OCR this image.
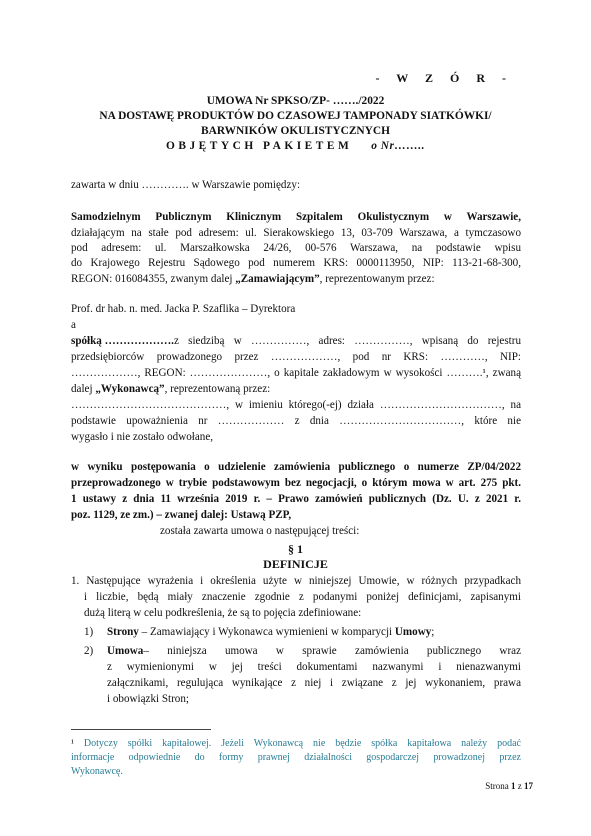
- W Z Ó R -
UMOWA Nr SPKSO/ZP- ……./2022
NA DOSTAWĘ PRODUKTÓW DO CZASOWEJ TAMPONADY SIATKÓWKI/
BARWNIKÓW OKULISTYCZNYCH
OBJĘTYCH PAKIETEM o Nr……..
zawarta w dniu …………. w Warszawie pomiędzy:
Samodzielnym Publicznym Klinicznym Szpitalem Okulistycznym w Warszawie,
działającym na stałe pod adresem: ul. Sierakowskiego 13, 03-709 Warszawa, a tymczasowo
pod adresem: ul. Marszałkowska 24/26, 00-576 Warszawa, na podstawie wpisu
do Krajowego Rejestru Sądowego pod numerem KRS: 0000113950, NIP: 113-21-68-300,
REGON: 016084355, zwanym dalej „Zamawiającym”, reprezentowanym przez:
Prof. dr hab. n. med. Jacka P. Szaflika – Dyrektora
a
spółką ………………. z siedzibą w ……………, adres: ……………, wpisaną do rejestru
przedsiębiorców prowadzonego przez ………………, pod nr KRS: …………, NIP:
………………, REGON: …………………, o kapitale zakładowym w wysokości ……….¹, zwaną
dalej „Wykonawcą”, reprezentowaną przez:
……………………………………, w imieniu którego(-ej) działa ……………………………, na
podstawie upoważnienia nr ……………… z dnia ……………………………, które nie
wygasło i nie zostało odwołane,
w wyniku postępowania o udzielenie zamówienia publicznego o numerze ZP/04/2022
przeprowadzonego w trybie podstawowym bez negocjacji, o którym mowa w art. 275 pkt.
1 ustawy z dnia 11 września 2019 r. – Prawo zamówień publicznych (Dz. U. z 2021 r.
poz. 1129, ze zm.) – zwanej dalej: Ustawą PZP,
została zawarta umowa o następującej treści:
§ 1
DEFINICJE
1. Następujące wyrażenia i określenia użyte w niniejszej Umowie, w różnych przypadkach
i liczbie, będą miały znaczenie zgodnie z podanymi poniżej definicjami, zapisanymi
dużą literą w celu podkreślenia, że są to pojęcia zdefiniowane:
1) Strony – Zamawiający i Wykonawca wymienieni w komparycji Umowy;
2) Umowa – niniejsza umowa w sprawie zamówienia publicznego wraz
z wymienionymi w jej treści dokumentami nazwanymi i nienazwanymi
załącznikami, regulująca wynikające z niej i związane z jej wykonaniem, prawa
i obowiązki Stron;
¹ Dotyczy spółki kapitałowej. Jeżeli Wykonawcą nie będzie spółka kapitałowa należy podać
informacje odpowiednie do formy prawnej działalności gospodarczej prowadzonej przez
Wykonawcę.
Strona 1 z 17
